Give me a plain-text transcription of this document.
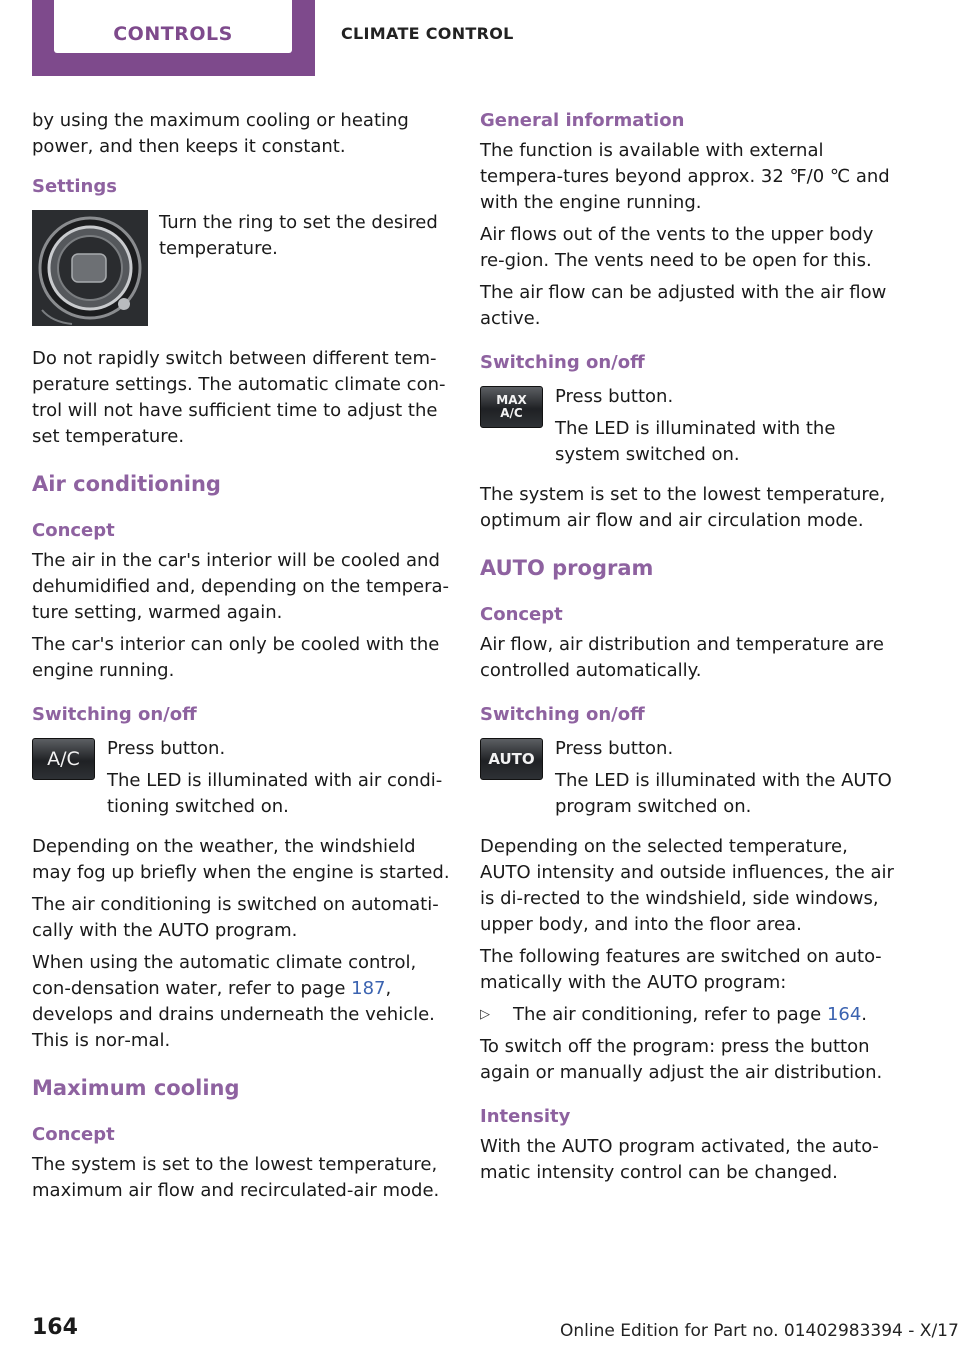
CONTROLS	CLIMATE CONTROL

by using the maximum cooling or heating power, and then keeps it constant.

Settings
Turn the ring to set the desired temperature.

Do not rapidly switch between different tem‐perature settings. The automatic climate con‐trol will not have sufficient time to adjust the set temperature.

Air conditioning
Concept

The air in the car's interior will be cooled and dehumidified and, depending on the tempera‐ture setting, warmed again.

The car's interior can only be cooled with the engine running.

Switching on/off
A/C	Press button.

The LED is illuminated with air condi‐tioning switched on.

Depending on the weather, the windshield may fog up briefly when the engine is started.

The air conditioning is switched on automati‐cally with the AUTO program.

When using the automatic climate control, con‐densation water, refer to page 187, develops and drains underneath the vehicle. This is nor‐mal.

Maximum cooling
Concept

The system is set to the lowest temperature, maximum air flow and recirculated-air mode.

General information

The function is available with external tempera‐tures beyond approx. 32 ℉/0 ℃ and with the engine running.

Air flows out of the vents to the upper body re‐gion. The vents need to be open for this.

The air flow can be adjusted with the air flow active.

Switching on/off
MAX
A/C

Press button.

The LED is illuminated with the system switched on.

The system is set to the lowest temperature, optimum air flow and air circulation mode.

AUTO program
Concept

Air flow, air distribution and temperature are controlled automatically.

Switching on/off
AUTO	Press button.

The LED is illuminated with the AUTO program switched on.

Depending on the selected temperature, AUTO intensity and outside influences, the air is di‐rected to the windshield, side windows, upper body, and into the floor area.

The following features are switched on auto‐matically with the AUTO program:

▷ The air conditioning, refer to page 164.

To switch off the program: press the button again or manually adjust the air distribution.

Intensity

With the AUTO program activated, the auto‐matic intensity control can be changed.

164	Online Edition for Part no. 01402983394 - X/17
